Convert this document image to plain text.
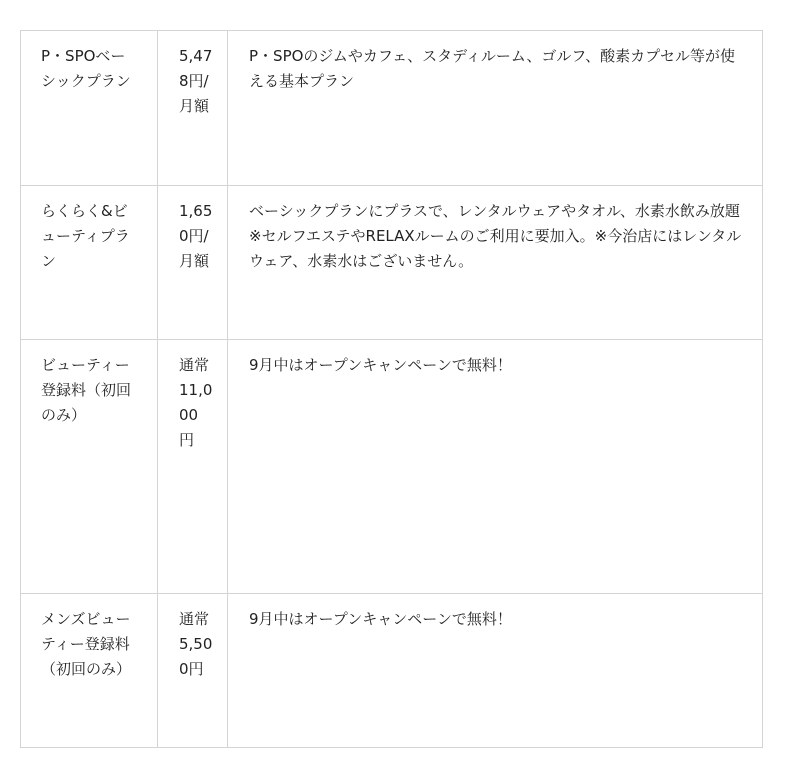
P・SPOベーシックプラン	5,478円/月額	P・SPOのジムやカフェ、スタディルーム、ゴルフ、酸素カプセル等が使える基本プラン
らくらく&ビューティプラン	1,650円/月額	ベーシックプランにプラスで、レンタルウェアやタオル、水素水飲み放題※セルフエステやRELAXルームのご利用に要加入。※今治店にはレンタルウェア、水素水はございません。
ビューティー登録料（初回のみ）	通常11,000円	9月中はオープンキャンペーンで無料！
メンズビューティー登録料（初回のみ）	通常5,500円	9月中はオープンキャンペーンで無料！
